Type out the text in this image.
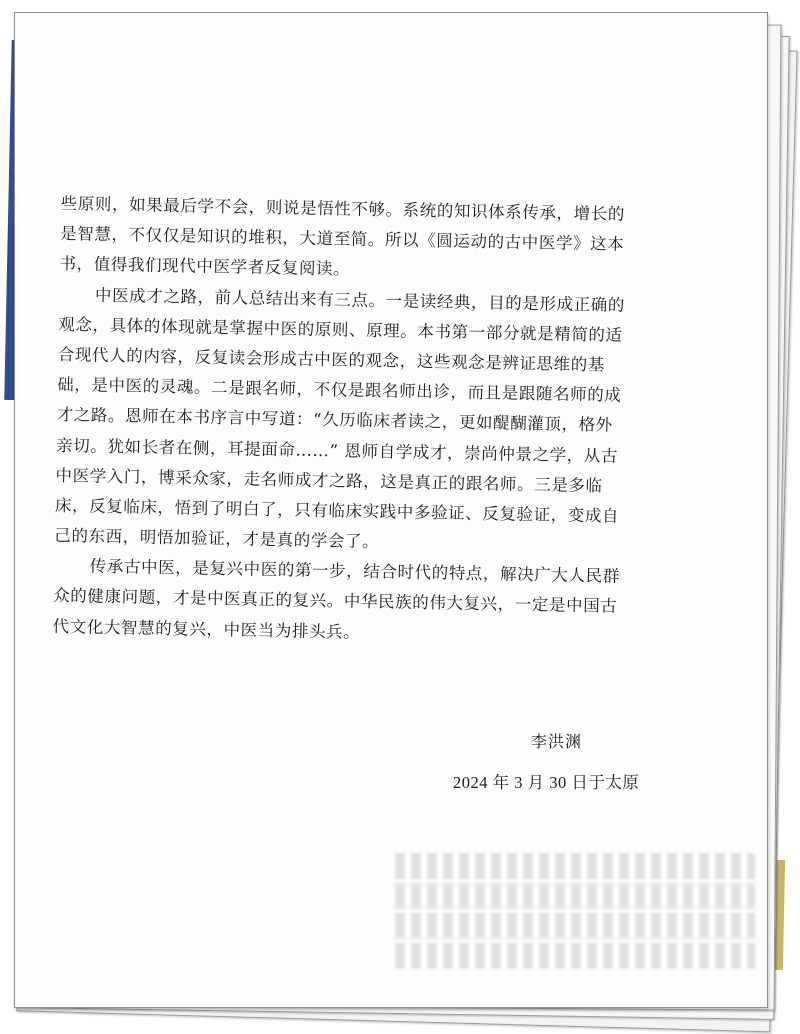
些原则，如果最后学不会，则说是悟性不够。系统的知识体系传承，增长的
是智慧，不仅仅是知识的堆积，大道至简。所以《圆运动的古中医学》这本
书，值得我们现代中医学者反复阅读。
中医成才之路，前人总结出来有三点。一是读经典，目的是形成正确的
观念，具体的体现就是掌握中医的原则、原理。本书第一部分就是精简的适
合现代人的内容，反复读会形成古中医的观念，这些观念是辨证思维的基
础，是中医的灵魂。二是跟名师，不仅是跟名师出诊，而且是跟随名师的成
才之路。恩师在本书序言中写道：“久历临床者读之，更如醍醐灌顶，格外
亲切。犹如长者在侧，耳提面命……” 恩师自学成才，崇尚仲景之学，从古
中医学入门，博采众家，走名师成才之路，这是真正的跟名师。三是多临
床，反复临床，悟到了明白了，只有临床实践中多验证、反复验证，变成自
己的东西，明悟加验证，才是真的学会了。
传承古中医，是复兴中医的第一步，结合时代的特点，解决广大人民群
众的健康问题，才是中医真正的复兴。中华民族的伟大复兴，一定是中国古
代文化大智慧的复兴，中医当为排头兵。
李洪渊
2024 年 3 月 30 日于太原
